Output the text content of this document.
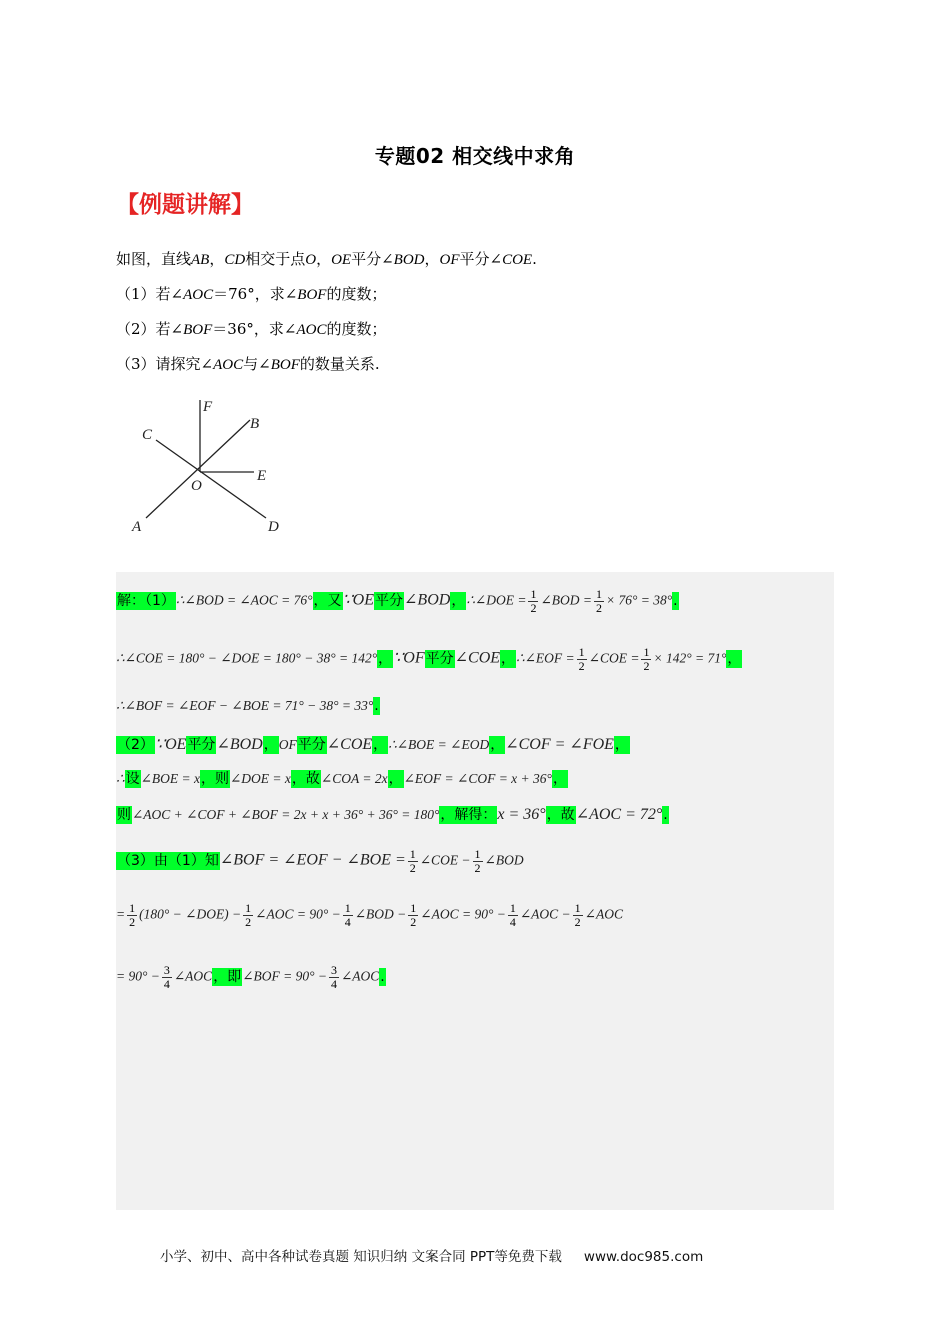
专题02 相交线中求角
【例题讲解】

如图，直线AB，CD相交于点O，OE平分∠BOD，OF平分∠COE.

（1）若∠AOC＝76°，求∠BOF的度数；

（2）若∠BOF＝36°，求∠AOC的度数；

（3）请探究∠AOC与∠BOF的数量关系.

F
B
C
E
O
A	D
解：（1）∴∠BOD = ∠AOC = 76°，又∵OE平分∠BOD，∴∠DOE = $\frac{1}{2}$ ∠BOD = $\frac{1}{2} \times 76^\circ = 38^\circ$.
∴∠COE = 180° − ∠DOE = 180° − 38° = 142°，∵OF平分∠COE，∴∠EOF = $\frac{1}{2}$ ∠COE = $\frac{1}{2} \times 142^\circ = 71^\circ$，
∴∠BOF = ∠EOF − ∠BOE = 71° − 38° = 33°.
（2）∵OE平分∠BOD，OF平分∠COE，∴∠BOE = ∠EOD，∠COF = ∠FOE，
∴设∠BOE = x，则∠DOE = x，故∠COA = 2x，∠EOF = ∠COF = x + 36°，
则∠AOC + ∠COF + ∠BOF = 2x + x + 36° + 36° = 180°，解得：x = 36°，故∠AOC = 72°.
（3）由（1）知∠BOF = ∠EOF − ∠BOE = $\frac{1}{2}$ ∠COE − $\frac{1}{2}$ ∠BOD
= $\frac{1}{2} (180^\circ$ − ∠DOE) − $\frac{1}{2}$ ∠AOC = $90^\circ - \frac{1}{4}$ ∠BOD − $\frac{1}{2}$ ∠AOC = $90^\circ - \frac{1}{4}$ ∠AOC − $\frac{1}{2}$ ∠AOC
= $90^\circ - \frac{3}{4}$ ∠AOC，即∠BOF = $90^\circ - \frac{3}{4}$ ∠AOC.
小学、初中、高中各种试卷真题 知识归纳 文案合同 PPT等免费下载 www.doc985.com
